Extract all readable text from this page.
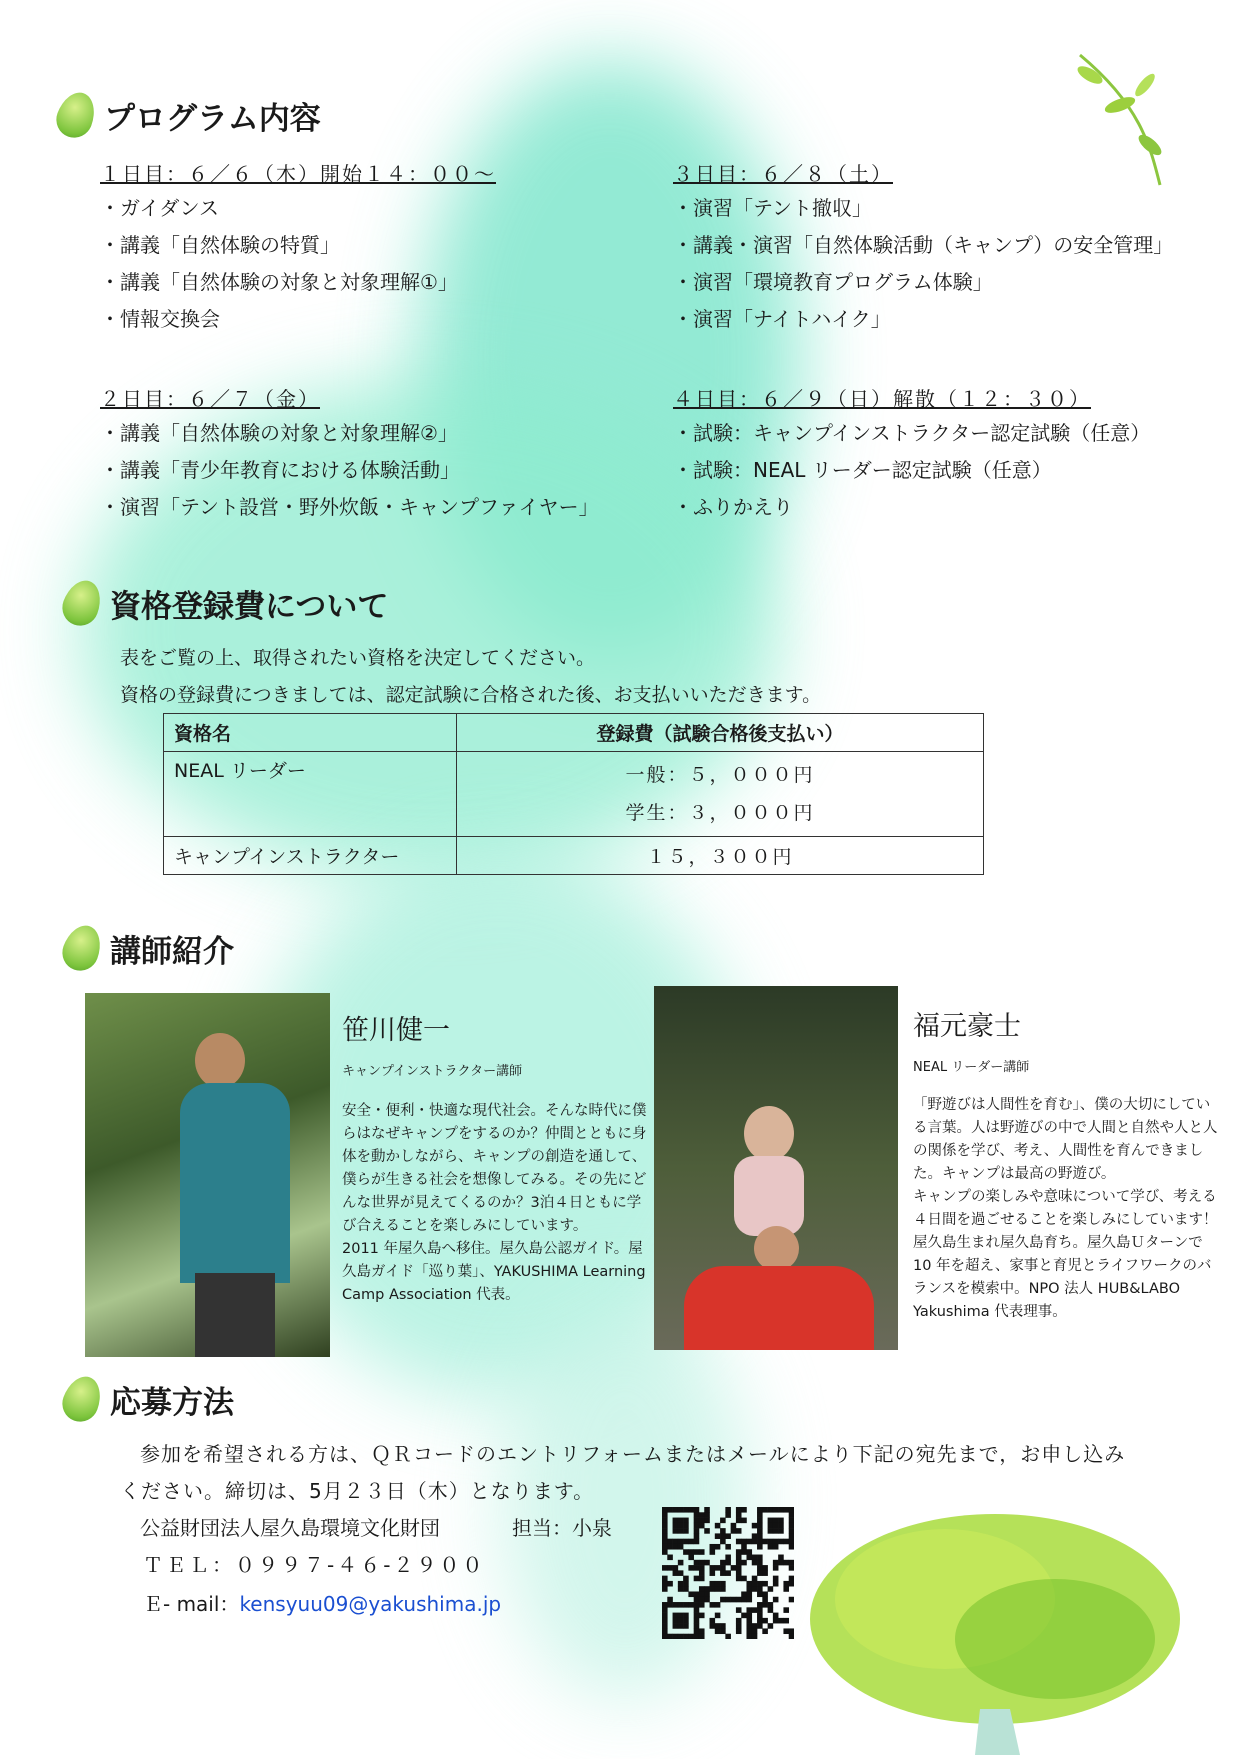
プログラム内容
１日目：６／６（木）開始１４：００～
・ガイダンス
・講義「自然体験の特質」
・講義「自然体験の対象と対象理解①」
・情報交換会
２日目：６／７（金）
・講義「自然体験の対象と対象理解②」
・講義「青少年教育における体験活動」
・演習「テント設営・野外炊飯・キャンプファイヤー」
３日目：６／８（土）
・演習「テント撤収」
・講義・演習「自然体験活動（キャンプ）の安全管理」
・演習「環境教育プログラム体験」
・演習「ナイトハイク」
４日目：６／９（日）解散（１２：３０）
・試験：キャンプインストラクター認定試験（任意）
・試験：NEAL リーダー認定試験（任意）
・ふりかえり
資格登録費について
表をご覧の上、取得されたい資格を決定してください。
資格の登録費につきましては、認定試験に合格された後、お支払いいただきます。
資格名	登録費（試験合格後支払い）
NEAL リーダー	一般：５，０００円
学生：３，０００円

キャンプインストラクター	１５，３００円
講師紹介
笹川健一
キャンプインストラクター講師
安全・便利・快適な現代社会。そんな時代に僕らはなぜキャンプをするのか？仲間とともに身体を動かしながら、キャンプの創造を通して、僕らが生きる社会を想像してみる。その先にどんな世界が見えてくるのか？3泊４日ともに学び合えることを楽しみにしています。
2011 年屋久島へ移住。屋久島公認ガイド。屋久島ガイド「巡り葉」、YAKUSHIMA Learning Camp Association 代表。
福元豪士
NEAL リーダー講師
「野遊びは人間性を育む」、僕の大切にしている言葉。人は野遊びの中で人間と自然や人と人の関係を学び、考え、人間性を育んできました。キャンプは最高の野遊び。
キャンプの楽しみや意味について学び、考える４日間を過ごせることを楽しみにしています！
屋久島生まれ屋久島育ち。屋久島Ｕターンで 10 年を超え、家事と育児とライフワークのバランスを模索中。NPO 法人 HUB&LABO Yakushima 代表理事。
応募方法
参加を希望される方は、ＱＲコードのエントリフォームまたはメールにより下記の宛先まで，お申し込み
ください。締切は、5月２３日（木）となります。
公益財団法人屋久島環境文化財団	担当：小泉
ＴＥＬ：０９９７-４６-２９００
Ｅ- mail：kensyuu09@yakushima.jp
